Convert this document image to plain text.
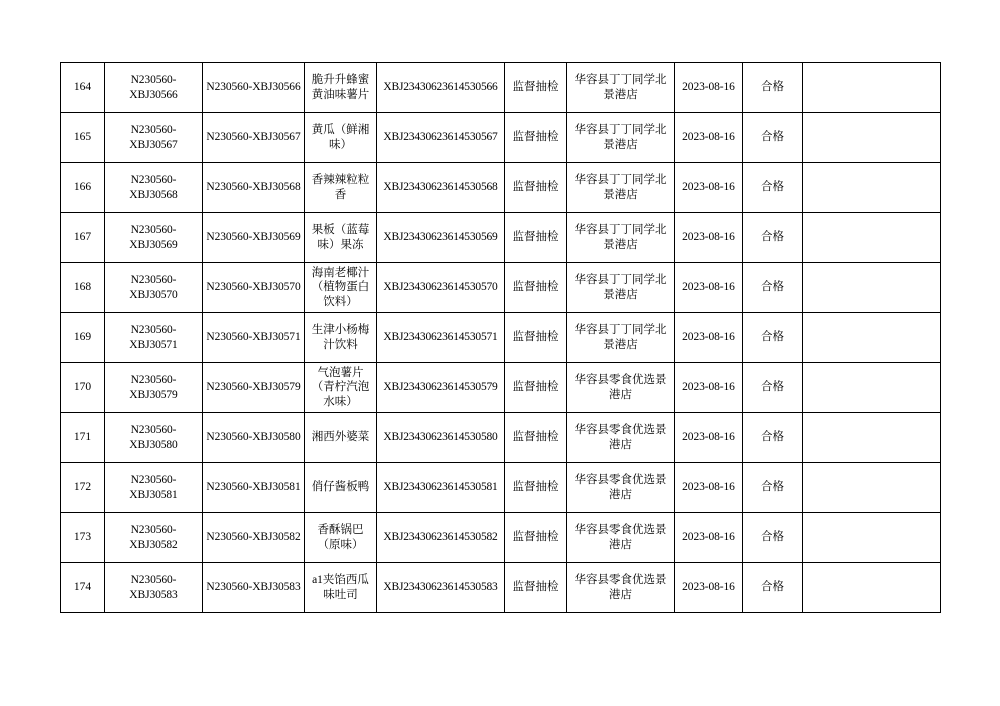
164	N230560-XBJ30566	N230560-XBJ30566	脆升升蜂蜜黄油味薯片	XBJ23430623614530566	监督抽检	华容县丁丁同学北景港店	2023-08-16	合格	
165	N230560-XBJ30567	N230560-XBJ30567	黄瓜（鲜湘味）	XBJ23430623614530567	监督抽检	华容县丁丁同学北景港店	2023-08-16	合格	
166	N230560-XBJ30568	N230560-XBJ30568	香辣辣粒粒香	XBJ23430623614530568	监督抽检	华容县丁丁同学北景港店	2023-08-16	合格	
167	N230560-XBJ30569	N230560-XBJ30569	果板（蓝莓味）果冻	XBJ23430623614530569	监督抽检	华容县丁丁同学北景港店	2023-08-16	合格	
168	N230560-XBJ30570	N230560-XBJ30570	海南老椰汁（植物蛋白饮料）	XBJ23430623614530570	监督抽检	华容县丁丁同学北景港店	2023-08-16	合格	
169	N230560-XBJ30571	N230560-XBJ30571	生津小杨梅汁饮料	XBJ23430623614530571	监督抽检	华容县丁丁同学北景港店	2023-08-16	合格	
170	N230560-XBJ30579	N230560-XBJ30579	气泡薯片（青柠汽泡水味）	XBJ23430623614530579	监督抽检	华容县零食优选景港店	2023-08-16	合格	
171	N230560-XBJ30580	N230560-XBJ30580	湘西外婆菜	XBJ23430623614530580	监督抽检	华容县零食优选景港店	2023-08-16	合格	
172	N230560-XBJ30581	N230560-XBJ30581	俏仔酱板鸭	XBJ23430623614530581	监督抽检	华容县零食优选景港店	2023-08-16	合格	
173	N230560-XBJ30582	N230560-XBJ30582	香酥锅巴（原味）	XBJ23430623614530582	监督抽检	华容县零食优选景港店	2023-08-16	合格	
174	N230560-XBJ30583	N230560-XBJ30583	a1夹馅西瓜味吐司	XBJ23430623614530583	监督抽检	华容县零食优选景港店	2023-08-16	合格	
